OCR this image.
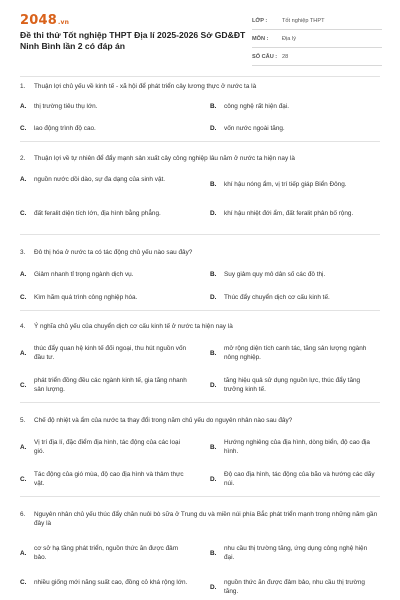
2048.vn
Đề thi thử Tốt nghiệp THPT Địa lí 2025-2026 Sở GD&ĐT Ninh Bình lần 2 có đáp án
LỚP :	Tốt nghiệp THPT
MÔN :	Địa lý
SỐ CÂU : 28
1.	Thuận lợi chủ yếu về kinh tế - xã hội để phát triển cây lương thực ở nước ta là
A.	thị trường tiêu thụ lớn.	B.	công nghệ rất hiện đại.
C.	lao động trình độ cao.	D.	vốn nước ngoài tăng.
2.	Thuận lợi về tự nhiên để đẩy mạnh sản xuất cây công nghiệp lâu năm ở nước ta hiện nay là
A.	nguồn nước dồi dào, sự đa dạng của sinh vật.
B.	khí hậu nóng ẩm, vị trí tiếp giáp Biển Đông.
C.	đất feralit diện tích lớn, địa hình bằng phẳng.	D.	khí hậu nhiệt đới ẩm, đất feralit phân bố rộng.
3.	Đô thị hóa ở nước ta có tác động chủ yếu nào sau đây?
A.	Giảm nhanh tỉ trọng ngành dịch vụ.	B.	Suy giảm quy mô dân số các đô thị.
C.	Kìm hãm quá trình công nghiệp hóa.	D.	Thúc đẩy chuyển dịch cơ cấu kinh tế.
4.	Ý nghĩa chủ yếu của chuyển dịch cơ cấu kinh tế ở nước ta hiện nay là
A.
thúc đẩy quan hệ kinh tế đối ngoại, thu hút nguồn vốn đầu tư.
B.
mở rộng diện tích canh tác, tăng sản lượng ngành nông nghiệp.
C.
phát triển đồng đều các ngành kinh tế, gia tăng nhanh sản lượng.
D.
tăng hiệu quả sử dụng nguồn lực, thúc đẩy tăng trưởng kinh tế.
5.	Chế độ nhiệt và ẩm của nước ta thay đổi trong năm chủ yếu do nguyên nhân nào sau đây?
A.
Vị trí địa lí, đặc điểm địa hình, tác động của các loại gió.
B.
Hướng nghiêng của địa hình, dòng biển, độ cao địa hình.
C.
Tác động của gió mùa, độ cao địa hình và thảm thực vật.
D.
Độ cao địa hình, tác động của bão và hướng các dãy núi.
6.	Nguyên nhân chủ yếu thúc đẩy chăn nuôi bò sữa ở Trung du và miền núi phía Bắc phát triển mạnh trong những năm gần đây là
A.
cơ sở hạ tầng phát triển, nguồn thức ăn được đảm bảo.
B.
nhu cầu thị trường tăng, ứng dụng công nghệ hiện đại.
C.	nhiều giống mới năng suất cao, đồng cỏ khá rộng lớn.
D.
nguồn thức ăn được đảm bảo, nhu cầu thị trường tăng.
